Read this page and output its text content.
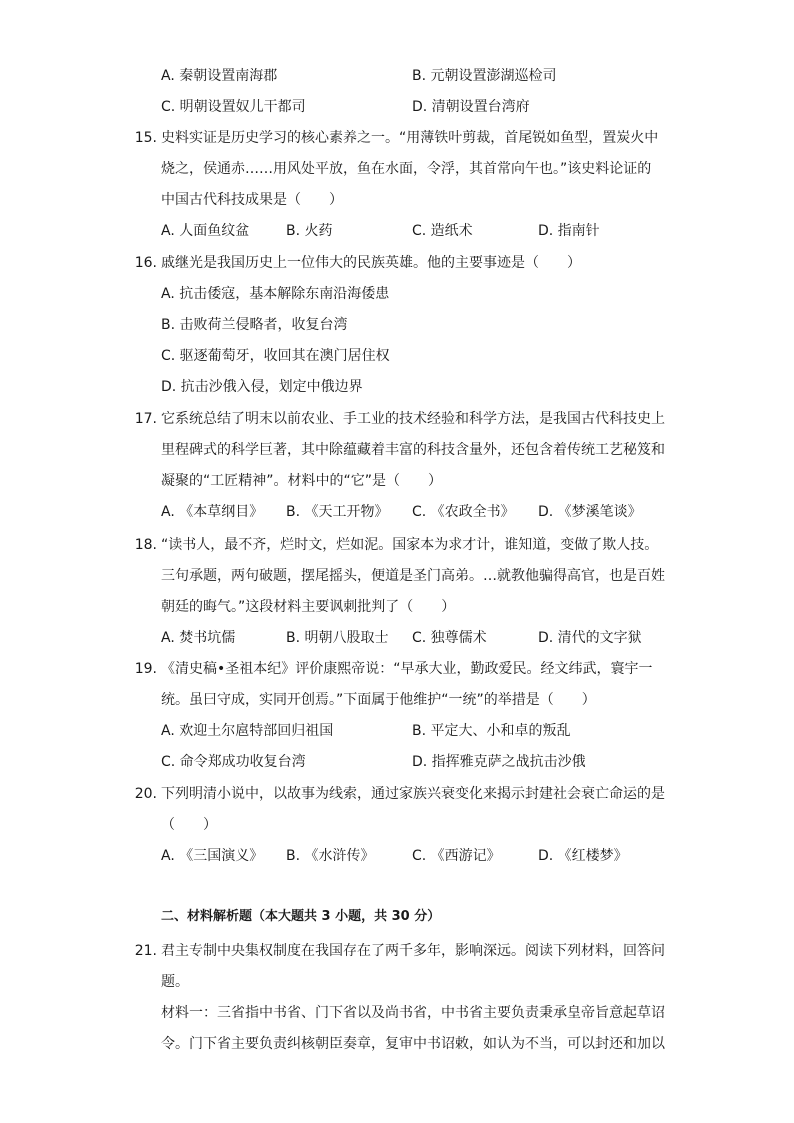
A. 秦朝设置南海郡	B. 元朝设置澎湖巡检司
C. 明朝设置奴儿干都司	D. 清朝设置台湾府
15. 史料实证是历史学习的核心素养之一。“用薄铁叶剪裁，首尾锐如鱼型，置炭火中
烧之，侯通赤……用风处平放，鱼在水面，令浮，其首常向午也。”该史料论证的
中国古代科技成果是（　　）
A. 人面鱼纹盆	B. 火药	C. 造纸术	D. 指南针
16. 戚继光是我国历史上一位伟大的民族英雄。他的主要事迹是（　　）
A. 抗击倭寇，基本解除东南沿海倭患
B. 击败荷兰侵略者，收复台湾
C. 驱逐葡萄牙，收回其在澳门居住权
D. 抗击沙俄入侵，划定中俄边界
17. 它系统总结了明末以前农业、手工业的技术经验和科学方法，是我国古代科技史上
里程碑式的科学巨著，其中除蕴藏着丰富的科技含量外，还包含着传统工艺秘笈和
凝聚的“工匠精神”。材料中的“它”是（　　）
A. 《本草纲目》 B. 《天工开物》 C. 《农政全书》 D. 《梦溪笔谈》
18. “读书人，最不齐，烂时文，烂如泥。国家本为求才计，谁知道，变做了欺人技。
三句承题，两句破题，摆尾摇头，便道是圣门高弟。…就教他骗得高官，也是百姓
朝廷的晦气。”这段材料主要讽刺批判了（　　）
A. 焚书坑儒	B. 明朝八股取士 C. 独尊儒术	D. 清代的文字狱
19. 《清史稿•圣祖本纪》评价康熙帝说：“早承大业，勤政爱民。经文纬武，寰宇一
统。虽曰守成，实同开创焉。”下面属于他维护“一统”的举措是（　　）
A. 欢迎土尔扈特部回归祖国	B. 平定大、小和卓的叛乱
C. 命令郑成功收复台湾	D. 指挥雅克萨之战抗击沙俄
20. 下列明清小说中，以故事为线索，通过家族兴衰变化来揭示封建社会衰亡命运的是
（　　）
A. 《三国演义》 B. 《水浒传》	C. 《西游记》	D. 《红楼梦》
二、材料解析题（本大题共 3 小题，共 30 分）
21. 君主专制中央集权制度在我国存在了两千多年，影响深远。阅读下列材料，回答问
题。
材料一：三省指中书省、门下省以及尚书省，中书省主要负责秉承皇帝旨意起草诏
令。门下省主要负责纠核朝臣奏章，复审中书诏敕，如认为不当，可以封还和加以
